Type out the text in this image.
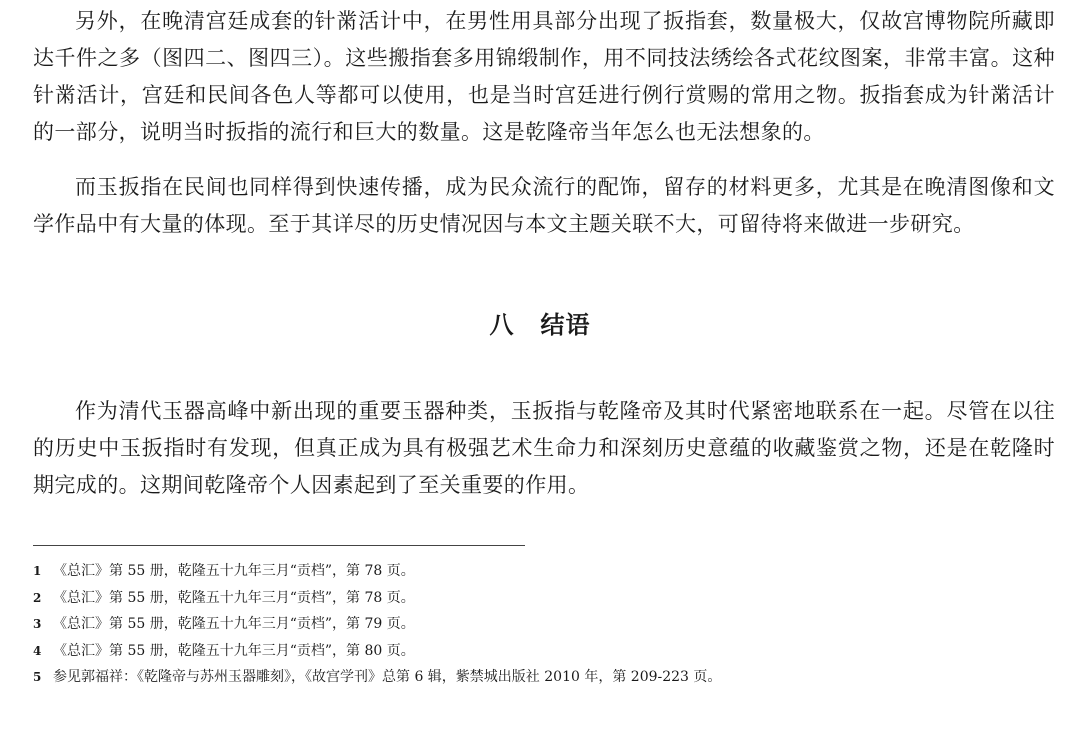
另外，在晚清宫廷成套的针黹活计中，在男性用具部分出现了扳指套，数量极大，仅故宫博物院所藏即达千件之多（图四二、图四三）。这些搬指套多用锦缎制作，用不同技法绣绘各式花纹图案，非常丰富。这种针黹活计，宫廷和民间各色人等都可以使用，也是当时宫廷进行例行赏赐的常用之物。扳指套成为针黹活计的一部分，说明当时扳指的流行和巨大的数量。这是乾隆帝当年怎么也无法想象的。

而玉扳指在民间也同样得到快速传播，成为民众流行的配饰，留存的材料更多，尤其是在晚清图像和文学作品中有大量的体现。至于其详尽的历史情况因与本文主题关联不大，可留待将来做进一步研究。

八 结语

作为清代玉器高峰中新出现的重要玉器种类，玉扳指与乾隆帝及其时代紧密地联系在一起。尽管在以往的历史中玉扳指时有发现，但真正成为具有极强艺术生命力和深刻历史意蕴的收藏鉴赏之物，还是在乾隆时期完成的。这期间乾隆帝个人因素起到了至关重要的作用。

1 《总汇》第 55 册，乾隆五十九年三月“贡档”，第 78 页。
2 《总汇》第 55 册，乾隆五十九年三月“贡档”，第 78 页。
3 《总汇》第 55 册，乾隆五十九年三月“贡档”，第 79 页。
4 《总汇》第 55 册，乾隆五十九年三月“贡档”，第 80 页。
5 参见郭福祥：《乾隆帝与苏州玉器雕刻》，《故宫学刊》总第 6 辑，紫禁城出版社 2010 年，第 209-223 页。
